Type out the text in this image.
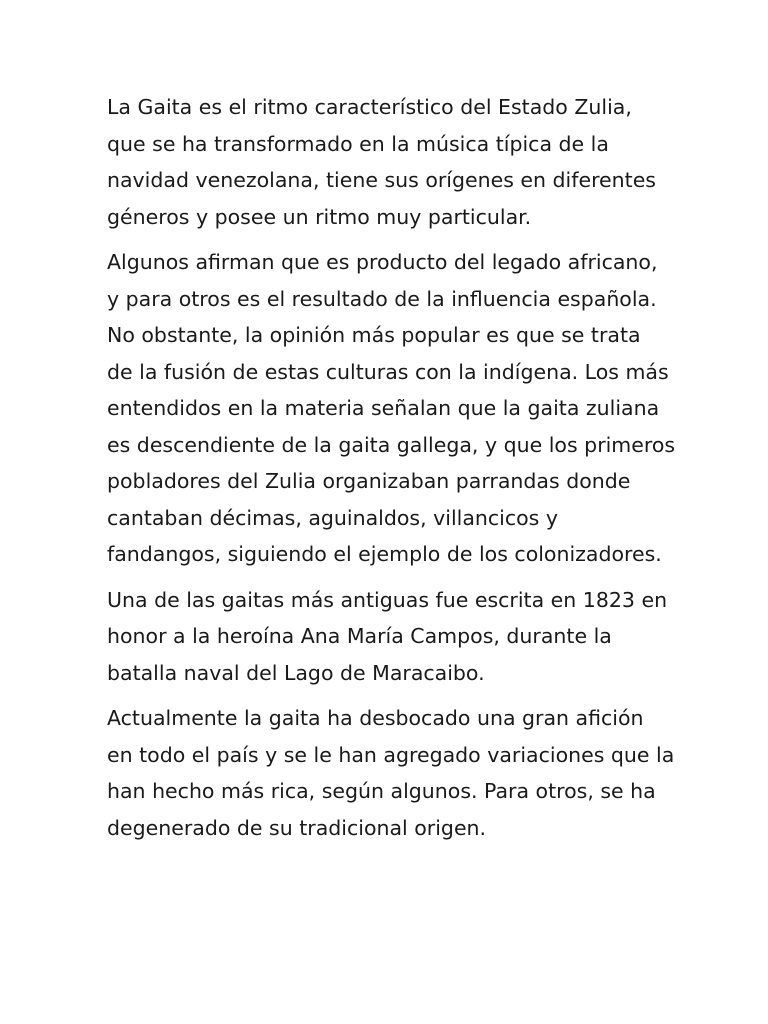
La Gaita es el ritmo característico del Estado Zulia,
que se ha transformado en la música típica de la
navidad venezolana, tiene sus orígenes en diferentes
géneros y posee un ritmo muy particular.

Algunos afirman que es producto del legado africano,
y para otros es el resultado de la influencia española.
No obstante, la opinión más popular es que se trata
de la fusión de estas culturas con la indígena. Los más
entendidos en la materia señalan que la gaita zuliana
es descendiente de la gaita gallega, y que los primeros
pobladores del Zulia organizaban parrandas donde
cantaban décimas, aguinaldos, villancicos y
fandangos, siguiendo el ejemplo de los colonizadores.

Una de las gaitas más antiguas fue escrita en 1823 en
honor a la heroína Ana María Campos, durante la
batalla naval del Lago de Maracaibo.

Actualmente la gaita ha desbocado una gran afición
en todo el país y se le han agregado variaciones que la
han hecho más rica, según algunos. Para otros, se ha
degenerado de su tradicional origen.
